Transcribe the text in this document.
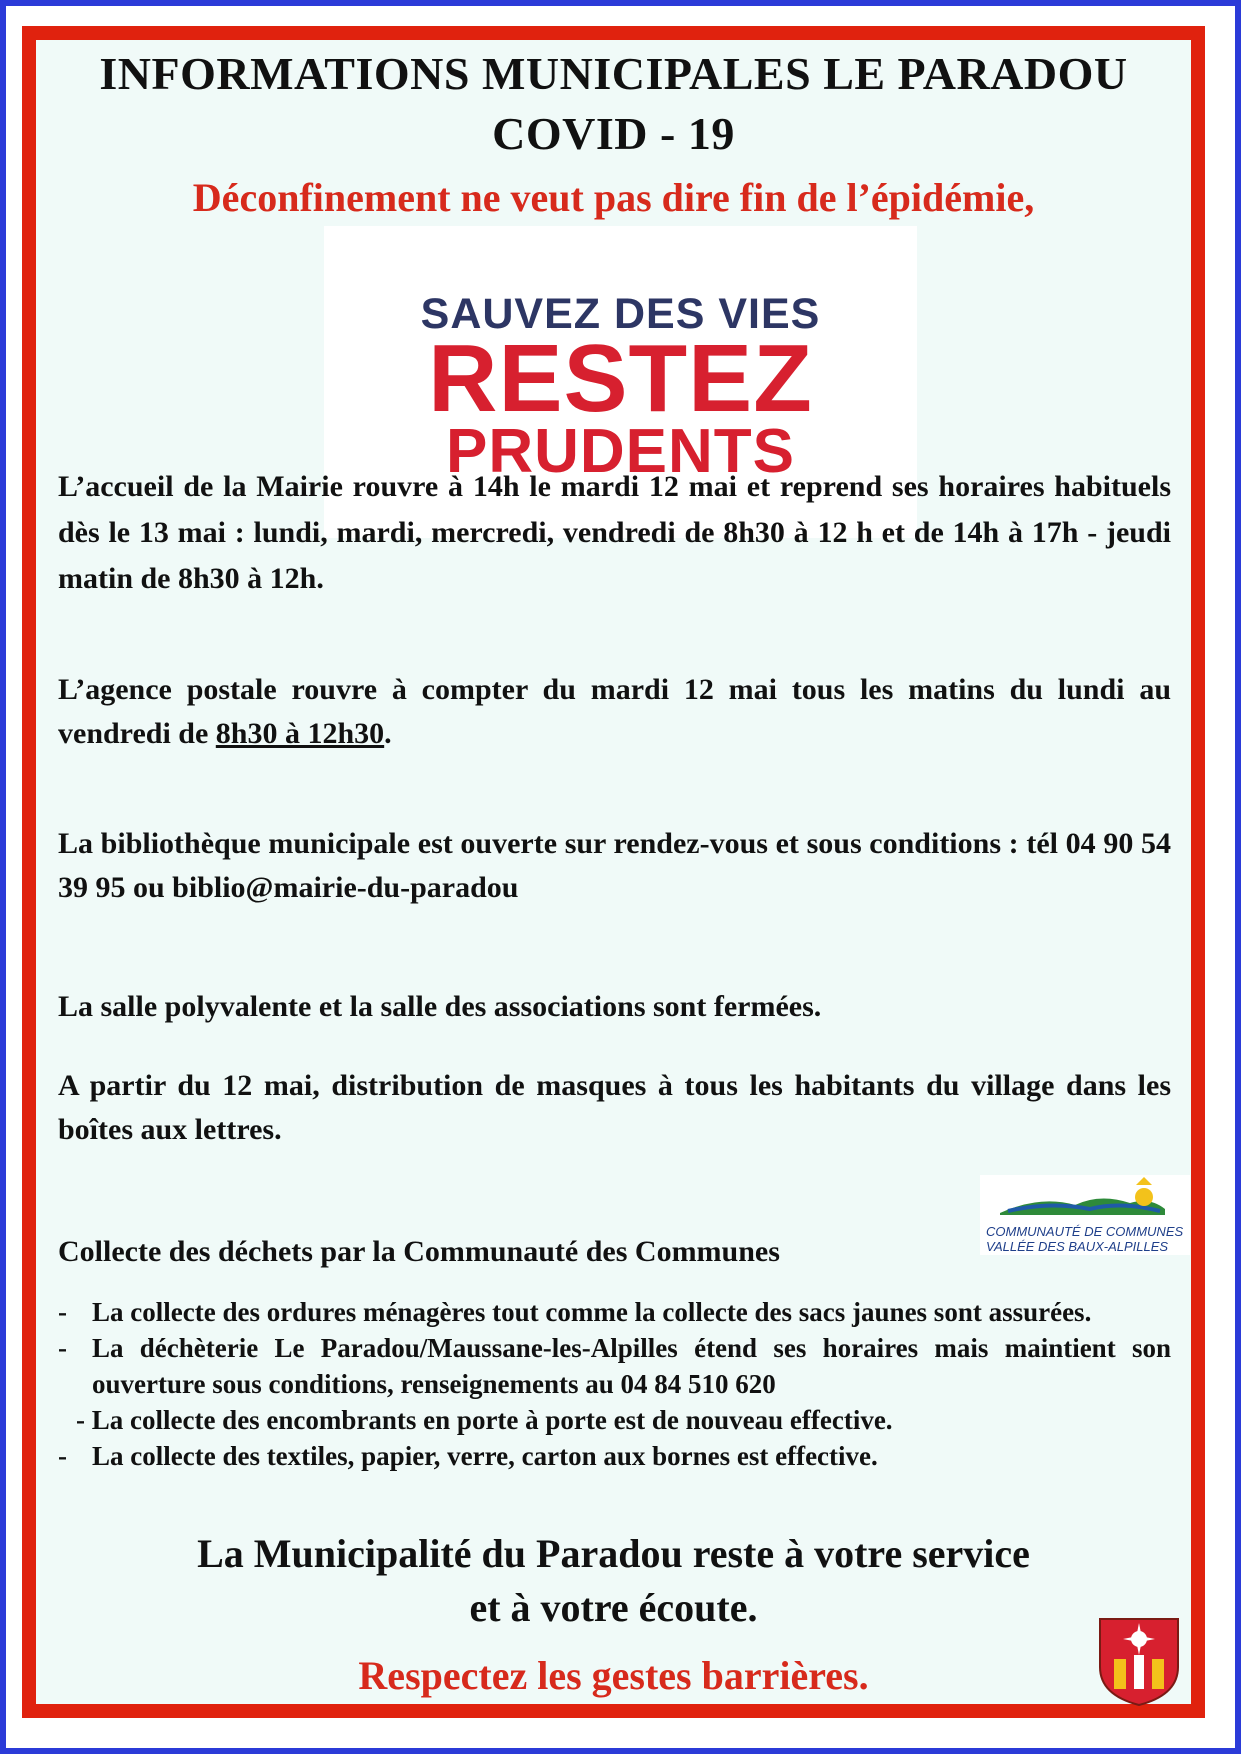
INFORMATIONS MUNICIPALES LE PARADOU
COVID - 19
Déconfinement ne veut pas dire fin de l’épidémie,
SAUVEZ DES VIES
RESTEZ
PRUDENTS
L’accueil de la Mairie rouvre à 14h le mardi 12 mai et reprend ses horaires habituels dès le 13 mai : lundi, mardi, mercredi, vendredi de 8h30 à 12 h et de 14h à 17h - jeudi matin de 8h30 à 12h.
L’agence postale rouvre à compter du mardi 12 mai tous les matins du lundi au vendredi de 8h30 à 12h30.
La bibliothèque municipale est ouverte sur rendez-vous et sous conditions : tél 04 90 54 39 95 ou biblio@mairie-du-paradou
La salle polyvalente et la salle des associations sont fermées.
A partir du 12 mai, distribution de masques à tous les habitants du village dans les boîtes aux lettres.
Collecte des déchets par la Communauté des Communes
COMMUNAUTÉ DE COMMUNES
VALLÉE DES BAUX-ALPILLES
- La collecte des ordures ménagères tout comme la collecte des sacs jaunes sont assurées.
- La déchèterie Le Paradou/Maussane-les-Alpilles étend ses horaires mais maintient son ouverture sous conditions, renseignements au 04 84 510 620
- La collecte des encombrants en porte à porte est de nouveau effective.
- La collecte des textiles, papier, verre, carton aux bornes est effective.
La Municipalité du Paradou reste à votre service
et à votre écoute.
Respectez les gestes barrières.
